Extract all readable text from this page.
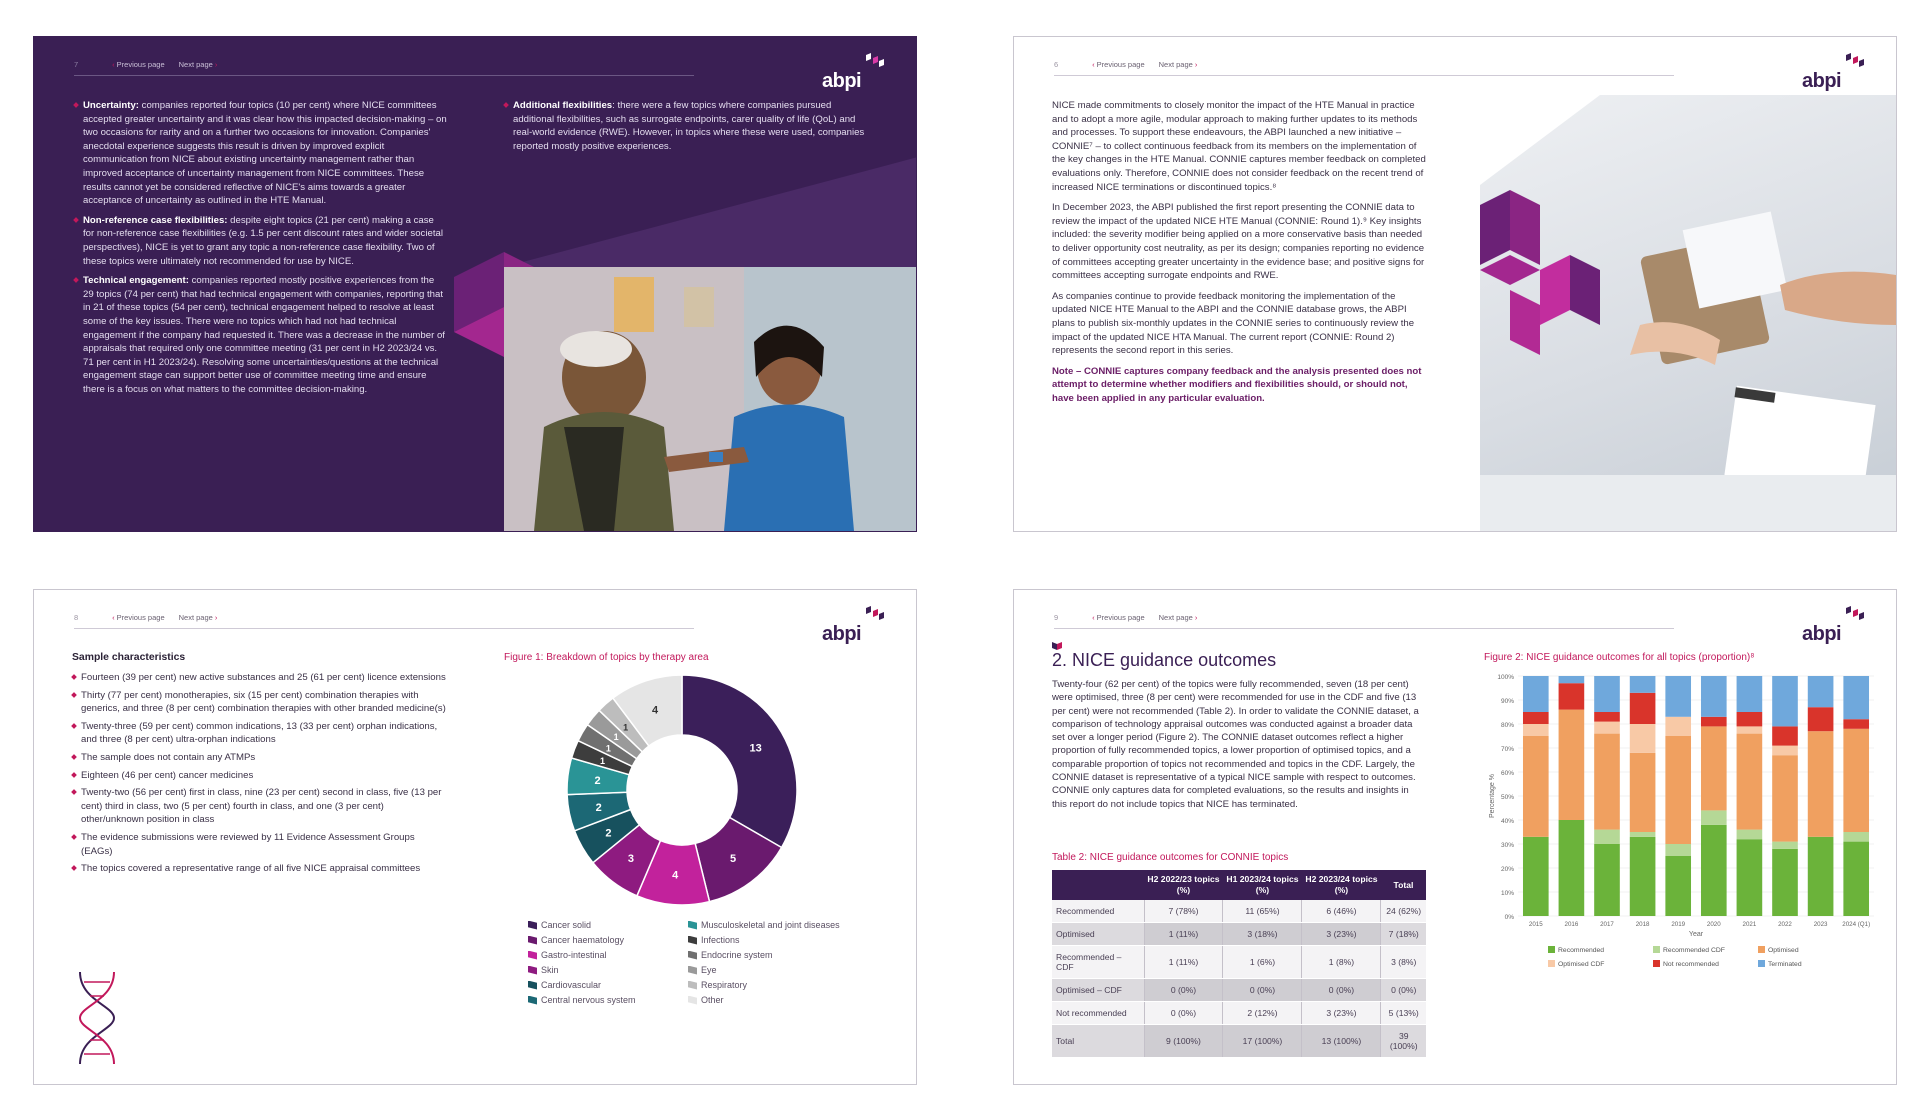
7	‹ Previous page Next page ›
abpi
Uncertainty: companies reported four topics (10 per cent) where NICE committees accepted greater uncertainty and it was clear how this impacted decision-making – on two occasions for rarity and on a further two occasions for innovation. Companies' anecdotal experience suggests this result is driven by improved explicit communication from NICE about existing uncertainty management rather than improved acceptance of uncertainty management from NICE committees. These results cannot yet be considered reflective of NICE's aims towards a greater acceptance of uncertainty as outlined in the HTE Manual.
Non-reference case flexibilities: despite eight topics (21 per cent) making a case for non-reference case flexibilities (e.g. 1.5 per cent discount rates and wider societal perspectives), NICE is yet to grant any topic a non-reference case flexibility. Two of these topics were ultimately not recommended for use by NICE.
Technical engagement: companies reported mostly positive experiences from the 29 topics (74 per cent) that had technical engagement with companies, reporting that in 21 of these topics (54 per cent), technical engagement helped to resolve at least some of the key issues. There were no topics which had not had technical engagement if the company had requested it. There was a decrease in the number of appraisals that required only one committee meeting (31 per cent in H2 2023/24 vs. 71 per cent in H1 2023/24). Resolving some uncertainties/questions at the technical engagement stage can support better use of committee meeting time and ensure there is a focus on what matters to the committee decision-making.
Additional flexibilities: there were a few topics where companies pursued additional flexibilities, such as surrogate endpoints, carer quality of life (QoL) and real-world evidence (RWE). However, in topics where these were used, companies reported mostly positive experiences.
6	‹ Previous page Next page ›
abpi

NICE made commitments to closely monitor the impact of the HTE Manual in practice and to adopt a more agile, modular approach to making further updates to its methods and processes. To support these endeavours, the ABPI launched a new initiative – CONNIE⁷ – to collect continuous feedback from its members on the implementation of the key changes in the HTE Manual. CONNIE captures member feedback on completed evaluations only. Therefore, CONNIE does not consider feedback on the recent trend of increased NICE terminations or discontinued topics.⁸

In December 2023, the ABPI published the first report presenting the CONNIE data to review the impact of the updated NICE HTE Manual (CONNIE: Round 1).⁹ Key insights included: the severity modifier being applied on a more conservative basis than needed to deliver opportunity cost neutrality, as per its design; companies reporting no evidence of committees accepting greater uncertainty in the evidence base; and positive signs for committees accepting surrogate endpoints and RWE.

As companies continue to provide feedback monitoring the implementation of the updated NICE HTE Manual to the ABPI and the CONNIE database grows, the ABPI plans to publish six-monthly updates in the CONNIE series to continuously review the impact of the updated NICE HTA Manual. The current report (CONNIE: Round 2) represents the second report in this series.

Note – CONNIE captures company feedback and the analysis presented does not attempt to determine whether modifiers and flexibilities should, or should not, have been applied in any particular evaluation.

8	‹ Previous page Next page ›
abpi
Sample characteristics
Fourteen (39 per cent) new active substances and 25 (61 per cent) licence extensions
Thirty (77 per cent) monotherapies, six (15 per cent) combination therapies with generics, and three (8 per cent) combination therapies with other branded medicine(s)
Twenty-three (59 per cent) common indications, 13 (33 per cent) orphan indications, and three (8 per cent) ultra-orphan indications
The sample does not contain any ATMPs
Eighteen (46 per cent) cancer medicines
Twenty-two (56 per cent) first in class, nine (23 per cent) second in class, five (13 per cent) third in class, two (5 per cent) fourth in class, and one (3 per cent) other/unknown position in class
The evidence submissions were reviewed by 11 Evidence Assessment Groups (EAGs)
The topics covered a representative range of all five NICE appraisal committees
Figure 1: Breakdown of topics by therapy area
13
5
4
3
2
2
2
1
1
1
1
4
Cancer solid	Musculoskeletal and joint diseases
Cancer haematology	Infections
Gastro-intestinal	Endocrine system
Skin	Eye
Cardiovascular	Respiratory
Central nervous system	Other
9	‹ Previous page Next page ›
abpi
2. NICE guidance outcomes
Twenty-four (62 per cent) of the topics were fully recommended, seven (18 per cent) were optimised, three (8 per cent) were recommended for use in the CDF and five (13 per cent) were not recommended (Table 2). In order to validate the CONNIE dataset, a comparison of technology appraisal outcomes was conducted against a broader data set over a longer period (Figure 2). The CONNIE dataset outcomes reflect a higher proportion of fully recommended topics, a lower proportion of optimised topics, and a comparable proportion of topics not recommended and topics in the CDF. Largely, the CONNIE dataset is representative of a typical NICE sample with respect to outcomes. CONNIE only captures data for completed evaluations, so the results and insights in this report do not include topics that NICE has terminated.
Table 2: NICE guidance outcomes for CONNIE topics
	H2 2022/23 topics (%)	H1 2023/24 topics (%)	H2 2023/24 topics (%)	Total
Recommended	7 (78%)	11 (65%)	6 (46%)	24 (62%)
Optimised	1 (11%)	3 (18%)	3 (23%)	7 (18%)
Recommended – CDF	1 (11%)	1 (6%)	1 (8%)	3 (8%)
Optimised – CDF	0 (0%)	0 (0%)	0 (0%)	0 (0%)
Not recommended	0 (0%)	2 (12%)	3 (23%)	5 (13%)
Total	9 (100%)	17 (100%)	13 (100%)	39 (100%)
Figure 2: NICE guidance outcomes for all topics (proportion)⁸
0%
10%
20%
30%
40%
50%
60%
70%
80%
90%
100%
Percentage %
2015	2016	2017	2018	2019	2020	2021	2022	2023 2024 (Q1)
Year
Recommended	Recommended CDF	Optimised
Optimised CDF	Not recommended	Terminated
